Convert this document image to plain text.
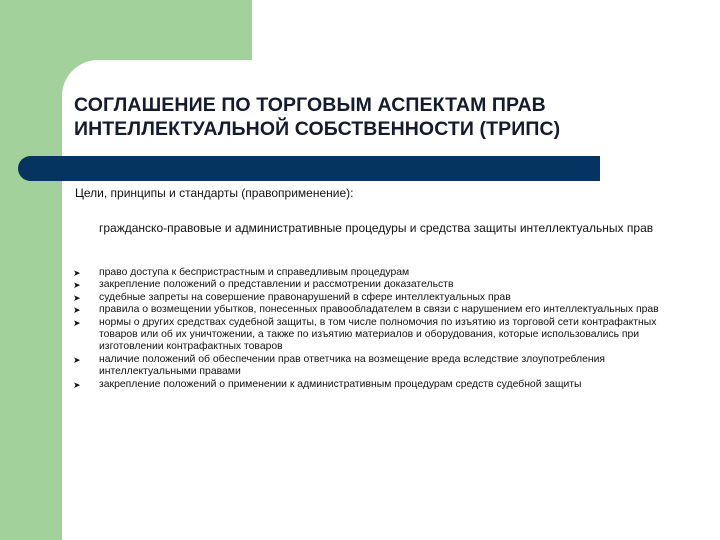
СОГЛАШЕНИЕ ПО ТОРГОВЫМ АСПЕКТАМ ПРАВ
ИНТЕЛЛЕКТУАЛЬНОЙ СОБСТВЕННОСТИ (ТРИПС)
Цели, принципы и стандарты (правоприменение):
гражданско-правовые и административные процедуры и средства защиты интеллектуальных прав
➤ право доступа к беспристрастным и справедливым процедурам
➤ закрепление положений о представлении и рассмотрении доказательств
➤ судебные запреты на совершение правонарушений в сфере интеллектуальных прав
➤ правила о возмещении убытков, понесенных правообладателем в связи с нарушением его интеллектуальных прав
➤ нормы о других средствах судебной защиты, в том числе полномочия по изъятию из торговой сети контрафактных товаров или об их уничтожении, а также по изъятию материалов и оборудования, которые использовались при изготовлении контрафактных товаров
➤ наличие положений об обеспечении прав ответчика на возмещение вреда вследствие злоупотребления интеллектуальными правами
➤ закрепление положений о применении к административным процедурам средств судебной защиты
